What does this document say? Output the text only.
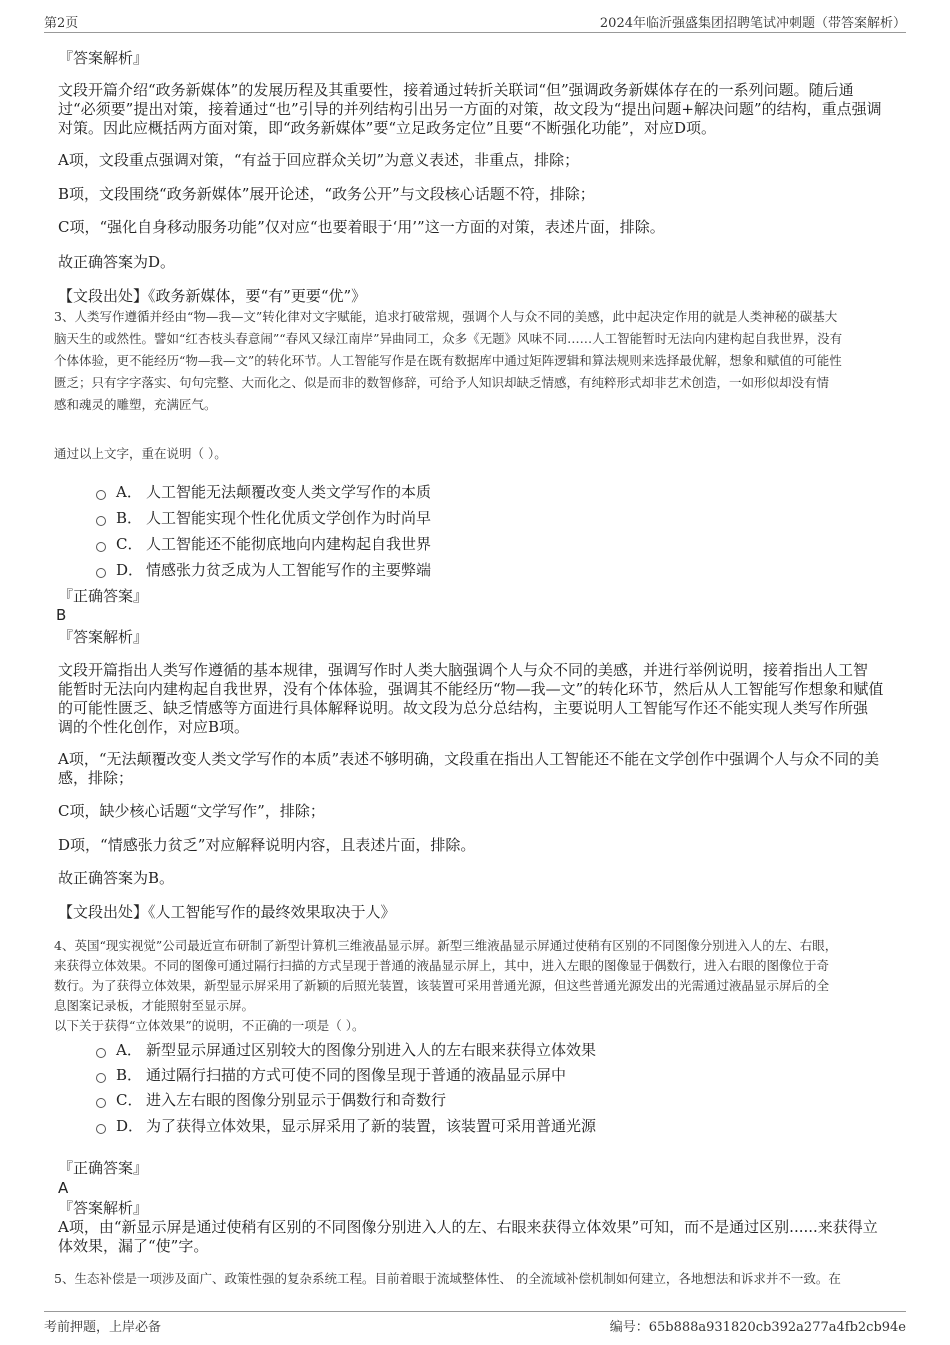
第2页	2024年临沂强盛集团招聘笔试冲刺题（带答案解析）
『答案解析』
文段开篇介绍“政务新媒体”的发展历程及其重要性，接着通过转折关联词“但”强调政务新媒体存在的一系列问题。随后通
过“必须要”提出对策，接着通过“也”引导的并列结构引出另一方面的对策，故文段为“提出问题+解决问题”的结构，重点强调
对策。因此应概括两方面对策，即“政务新媒体”要“立足政务定位”且要“不断强化功能”，对应D项。
A项，文段重点强调对策，“有益于回应群众关切”为意义表述，非重点，排除；
B项，文段围绕“政务新媒体”展开论述，“政务公开”与文段核心话题不符，排除；
C项，“强化自身移动服务功能”仅对应“也要着眼于‘用’”这一方面的对策，表述片面，排除。
故正确答案为D。
【文段出处】《政务新媒体，要“有”更要“优”》
3、人类写作遵循并经由“物—我—文”转化律对文字赋能，追求打破常规，强调个人与众不同的美感，此中起决定作用的就是人类神秘的碳基大
脑天生的或然性。譬如“红杏枝头春意闹”“春风又绿江南岸”异曲同工，众多《无题》风味不同……人工智能暂时无法向内建构起自我世界，没有
个体体验，更不能经历“物—我—文”的转化环节。人工智能写作是在既有数据库中通过矩阵逻辑和算法规则来选择最优解，想象和赋值的可能性
匮乏；只有字字落实、句句完整、大而化之、似是而非的数智修辞，可给予人知识却缺乏情感，有纯粹形式却非艺术创造，一如形似却没有情
感和魂灵的雕塑，充满匠气。
通过以上文字，重在说明（ ）。
A． 人工智能无法颠覆改变人类文学写作的本质
B． 人工智能实现个性化优质文学创作为时尚早
C． 人工智能还不能彻底地向内建构起自我世界
D． 情感张力贫乏成为人工智能写作的主要弊端
『正确答案』
B
『答案解析』
文段开篇指出人类写作遵循的基本规律，强调写作时人类大脑强调个人与众不同的美感，并进行举例说明，接着指出人工智
能暂时无法向内建构起自我世界，没有个体体验，强调其不能经历“物—我—文”的转化环节，然后从人工智能写作想象和赋值
的可能性匮乏、缺乏情感等方面进行具体解释说明。故文段为总分总结构，主要说明人工智能写作还不能实现人类写作所强
调的个性化创作，对应B项。
A项，“无法颠覆改变人类文学写作的本质”表述不够明确，文段重在指出人工智能还不能在文学创作中强调个人与众不同的美
感，排除；
C项，缺少核心话题“文学写作”，排除；
D项，“情感张力贫乏”对应解释说明内容，且表述片面，排除。
故正确答案为B。
【文段出处】《人工智能写作的最终效果取决于人》
4、英国“现实视觉”公司最近宣布研制了新型计算机三维液晶显示屏。新型三维液晶显示屏通过使稍有区别的不同图像分别进入人的左、右眼，
来获得立体效果。不同的图像可通过隔行扫描的方式呈现于普通的液晶显示屏上，其中，进入左眼的图像显于偶数行，进入右眼的图像位于奇
数行。为了获得立体效果，新型显示屏采用了新颖的后照光装置，该装置可采用普通光源，但这些普通光源发出的光需通过液晶显示屏后的全
息图案记录板，才能照射至显示屏。
以下关于获得“立体效果”的说明，不正确的一项是（ ）。
A． 新型显示屏通过区别较大的图像分别进入人的左右眼来获得立体效果
B． 通过隔行扫描的方式可使不同的图像呈现于普通的液晶显示屏中
C． 进入左右眼的图像分别显示于偶数行和奇数行
D． 为了获得立体效果，显示屏采用了新的装置，该装置可采用普通光源
『正确答案』
A
『答案解析』
A项，由“新显示屏是通过使稍有区别的不同图像分别进入人的左、右眼来获得立体效果”可知，而不是通过区别......来获得立
体效果，漏了“使”字。
5、生态补偿是一项涉及面广、政策性强的复杂系统工程。目前着眼于流域整体性、 的全流域补偿机制如何建立，各地想法和诉求并不一致。在
考前押题，上岸必备	编号：65b888a931820cb392a277a4fb2cb94e
